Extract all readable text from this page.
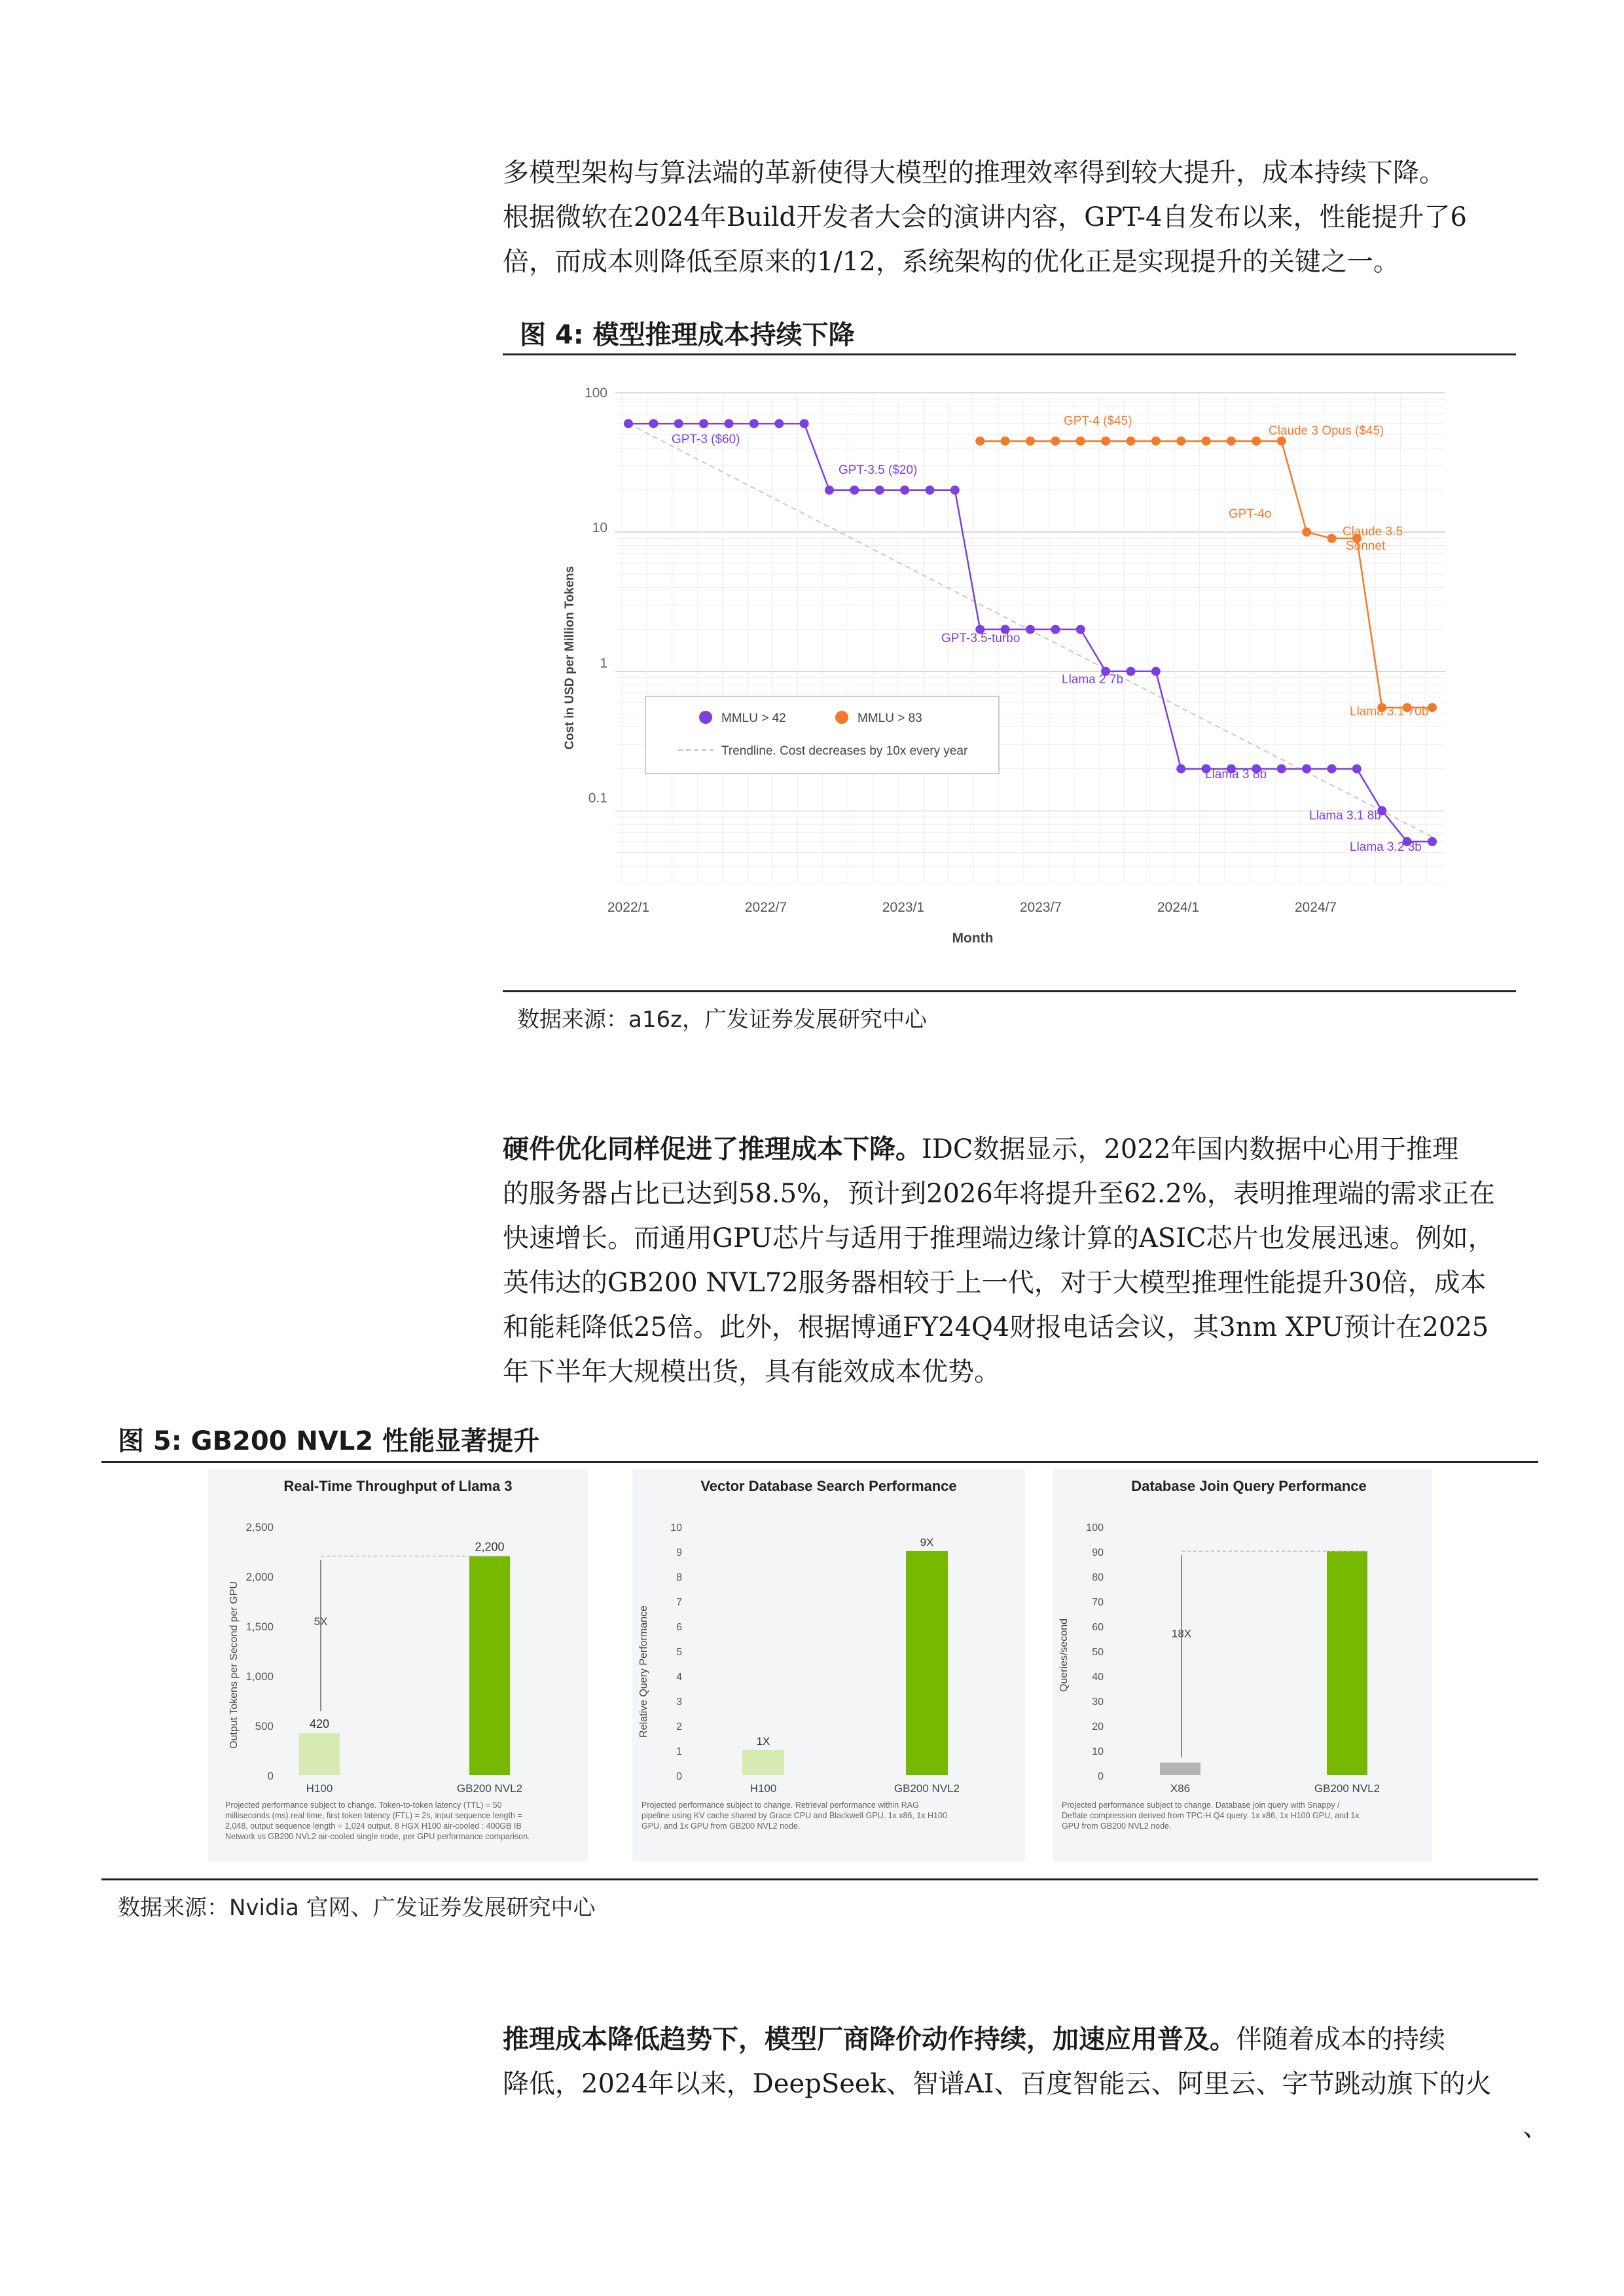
多模型架构与算法端的革新使得大模型的推理效率得到较大提升，成本持续下降。
根据微软在2024年Build开发者大会的演讲内容，GPT-4自发布以来，性能提升了6
倍，而成本则降低至原来的1/12，系统架构的优化正是实现提升的关键之一。
图 4: 模型推理成本持续下降
100
10
1
0.1
2022/1	2022/7	2023/1	2023/7	2024/1	2024/7
Month
Cost in USD per Million Tokens
GPT-3 ($60)
GPT-3.5 ($20)
GPT-3.5-turbo
Llama 2 7b
Llama 3 8b
Llama 3.1 8b
Llama 3.2 3b
GPT-4 ($45)
Claude 3 Opus ($45)
GPT-4o
Claude 3.5
Sonnet
Llama 3.1 70b
MMLU > 42	MMLU > 83
Trendline. Cost decreases by 10x every year
数据来源：a16z，广发证券发展研究中心
硬件优化同样促进了推理成本下降。IDC数据显示，2022年国内数据中心用于推理
的服务器占比已达到58.5%，预计到2026年将提升至62.2%，表明推理端的需求正在
快速增长。而通用GPU芯片与适用于推理端边缘计算的ASIC芯片也发展迅速。例如，
英伟达的GB200 NVL72服务器相较于上一代，对于大模型推理性能提升30倍，成本
和能耗降低25倍。此外，根据博通FY24Q4财报电话会议，其3nm XPU预计在2025
年下半年大规模出货，具有能效成本优势。
图 5: GB200 NVL2 性能显著提升
Real-Time Throughput of Llama 3
Output Tokens per Second per GPU
0
500
1,000
1,500
2,000
2,500
5X
420
2,200
H100	GB200 NVL2
Projected performance subject to change. Token-to-token latency (TTL) = 50
milliseconds (ms) real time, first token latency (FTL) = 2s, input sequence length =
2,048, output sequence length = 1,024 output, 8 HGX H100 air-cooled : 400GB IB
Network vs GB200 NVL2 air-cooled single node, per GPU performance comparison.
Vector Database Search Performance
Relative Query Performance
0
1
2
3
4
5
6
7
8
9
10
1X
9X
H100	GB200 NVL2
Projected performance subject to change. Retrieval performance within RAG
pipeline using KV cache shared by Grace CPU and Blackwell GPU. 1x x86, 1x H100
GPU, and 1x GPU from GB200 NVL2 node.
Database Join Query Performance
Queries/second
0
10
20
30
40
50
60
70
80
90
100
18X
X86	GB200 NVL2
Projected performance subject to change. Database join query with Snappy /
Deflate compression derived from TPC-H Q4 query. 1x x86, 1x H100 GPU, and 1x
GPU from GB200 NVL2 node.
数据来源：Nvidia 官网、广发证券发展研究中心
推理成本降低趋势下，模型厂商降价动作持续，加速应用普及。伴随着成本的持续
降低，2024年以来，DeepSeek、智谱AI、百度智能云、阿里云、字节跳动旗下的火
、
